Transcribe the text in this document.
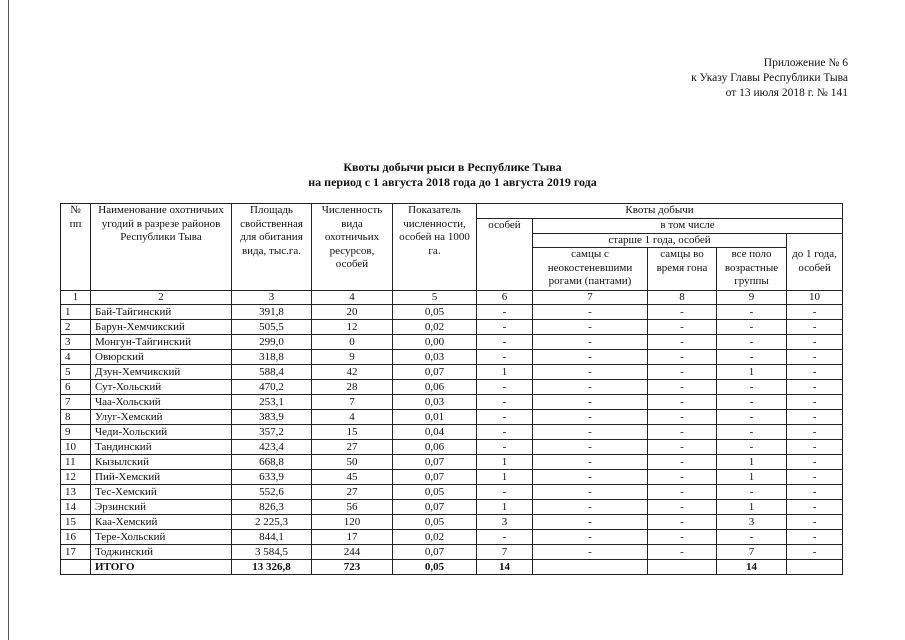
Приложение № 6
к Указу Главы Республики Тыва
от 13 июля 2018 г. № 141
Квоты добычи рыси в Республике Тыва
на период с 1 августа 2018 года до 1 августа 2019 года
№ пп	Наименование охотничьих угодий в разрезе районов Республики Тыва	Площадь свойственная для обитания вида, тыс.га.	Численность вида охотничьих ресурсов, особей	Показатель численности, особей на 1000 га.	Квоты добычи				
					особей	в том числе			
						старше 1 года, особей			до 1 года, особей
						самцы с неокостеневшими рогами (пантами)	самцы во время гона	все поло возрастные группы	
1	2	3	4	5	6	7	8	9	10
1	Бай-Тайгинский	391,8	20	0,05	-	-	-	-	-
2	Барун-Хемчикский	505,5	12	0,02	-	-	-	-	-
3	Монгун-Тайгинский	299,0	0	0,00	-	-	-	-	-
4	Овюрский	318,8	9	0,03	-	-	-	-	-
5	Дзун-Хемчикский	588,4	42	0,07	1	-	-	1	-
6	Сут-Хольский	470,2	28	0,06	-	-	-	-	-
7	Чаа-Хольский	253,1	7	0,03	-	-	-	-	-
8	Улуг-Хемский	383,9	4	0,01	-	-	-	-	-
9	Чеди-Хольский	357,2	15	0,04	-	-	-	-	-
10	Тандинский	423,4	27	0,06	-	-	-	-	-
11	Кызылский	668,8	50	0,07	1	-	-	1	-
12	Пий-Хемский	633,9	45	0,07	1	-	-	1	-
13	Тес-Хемский	552,6	27	0,05	-	-	-	-	-
14	Эрзинский	826,3	56	0,07	1	-	-	1	-
15	Каа-Хемский	2 225,3	120	0,05	3	-	-	3	-
16	Тере-Хольский	844,1	17	0,02	-	-	-	-	-
17	Тоджинский	3 584,5	244	0,07	7	-	-	7	-
	ИТОГО	13 326,8	723	0,05	14			14	
